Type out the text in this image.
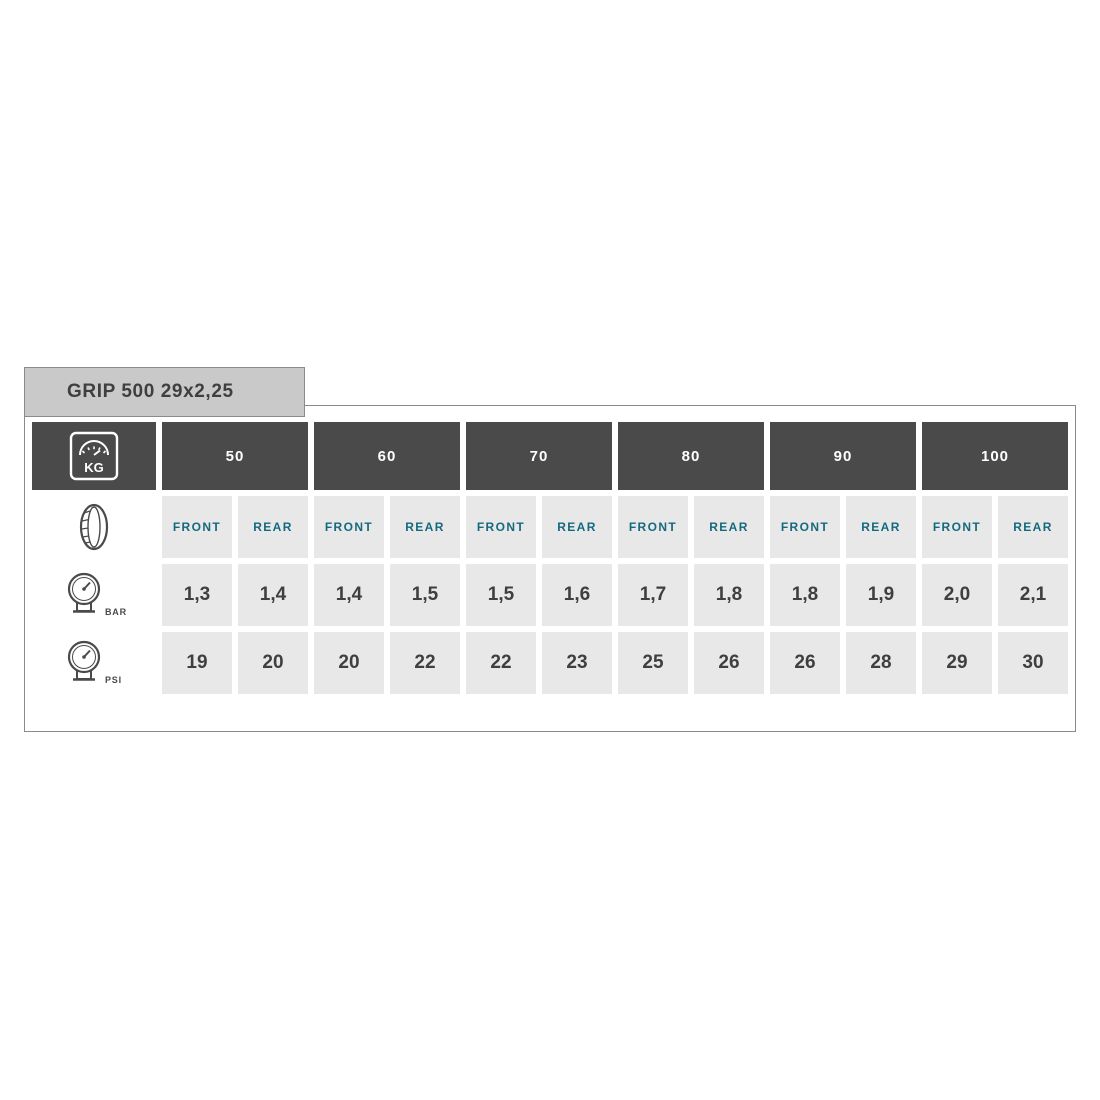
GRIP 500 29x2,25
KG
50	60	70	80	90	100
FRONT	REAR	FRONT	REAR	FRONT	REAR	FRONT	REAR	FRONT	REAR	FRONT	REAR
BAR
1,3	1,4	1,4	1,5	1,5	1,6	1,7	1,8	1,8	1,9	2,0	2,1
PSI
19	20	20	22	22	23	25	26	26	28	29	30
